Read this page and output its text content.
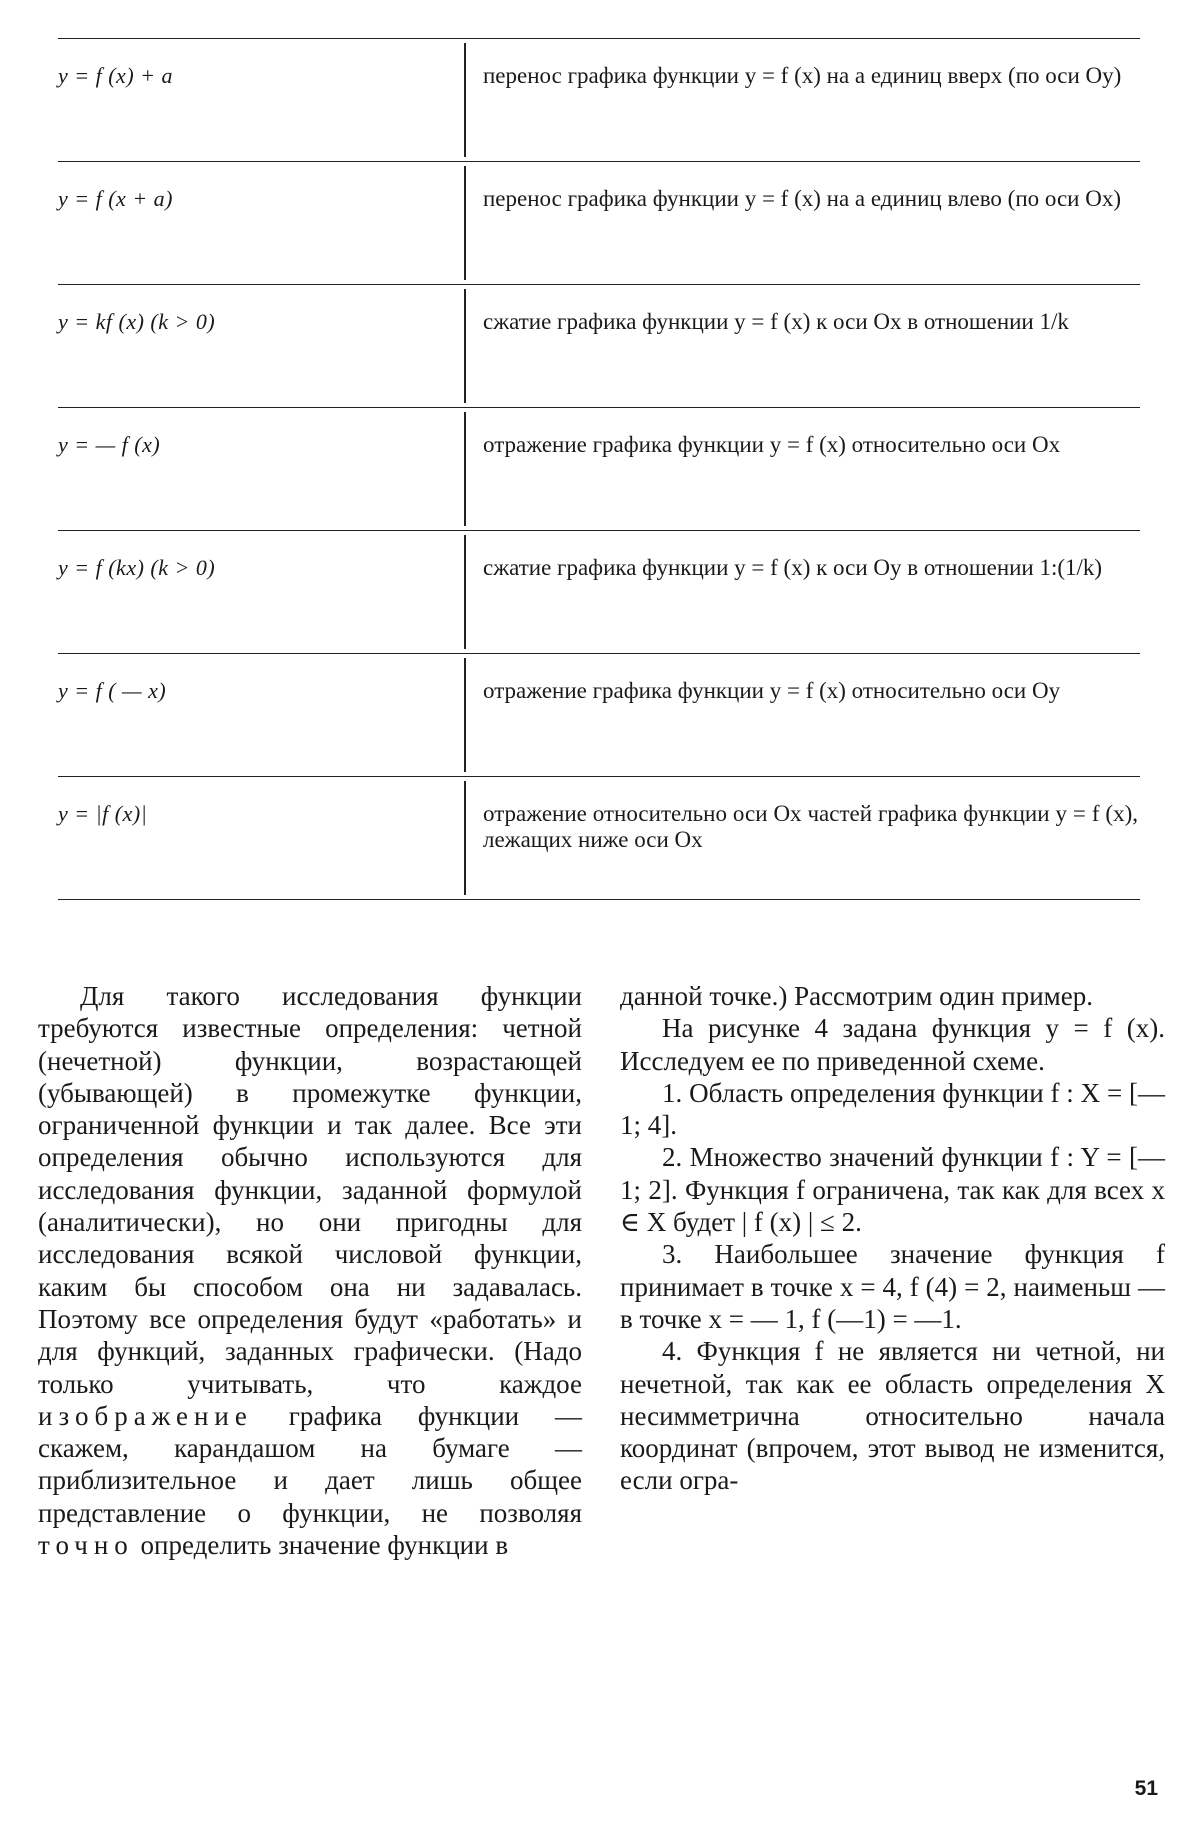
y = f (x) + a	перенос графика функции y = f (x) на a единиц вверх (по оси Oy)
y = f (x + a)	перенос графика функции y = f (x) на a единиц влево (по оси Ox)
y = kf (x) (k > 0)	сжатие графика функции y = f (x) к оси Ox в отношении 1/k
y = — f (x)	отражение графика функции y = f (x) относительно оси Ox
y = f (kx) (k > 0)	сжатие графика функции y = f (x) к оси Oy в отношении 1:(1/k)
y = f ( — x)	отражение графика функции y = f (x) относительно оси Oy
y = |f (x)|	отражение относительно оси Ox частей графика функции y = f (x), лежащих ниже оси Ox

Для такого исследования функции требуются известные определения: четной (нечетной) функции, возрастающей (убывающей) в промежутке функции, ограниченной функции и так далее. Все эти определения обычно используются для исследования функции, заданной формулой (аналитически), но они пригодны для исследования всякой числовой функции, каким бы способом она ни задавалась. Поэтому все определения будут «работать» и для функций, заданных графически. (Надо только учитывать, что каждое изображение графика функции — скажем, карандашом на бумаге — приблизительное и дает лишь общее представление о функции, не позволяя точно определить значение функции в

данной точке.) Рассмотрим один пример.

На рисунке 4 задана функция y = f (x). Исследуем ее по приведенной схеме.

1. Область определения функции f : X = [—1; 4].

2. Множество значений функции f : Y = [—1; 2]. Функция f ограничена, так как для всех x ∈ X будет | f (x) | ≤ 2.

3. Наибольшее значение функция f принимает в точке x = 4, f (4) = 2, наименьш — в точке x = — 1, f (—1) = —1.

4. Функция f не является ни четной, ни нечетной, так как ее область определения X несимметрична относительно начала координат (впрочем, этот вывод не изменится, если огра-

51
